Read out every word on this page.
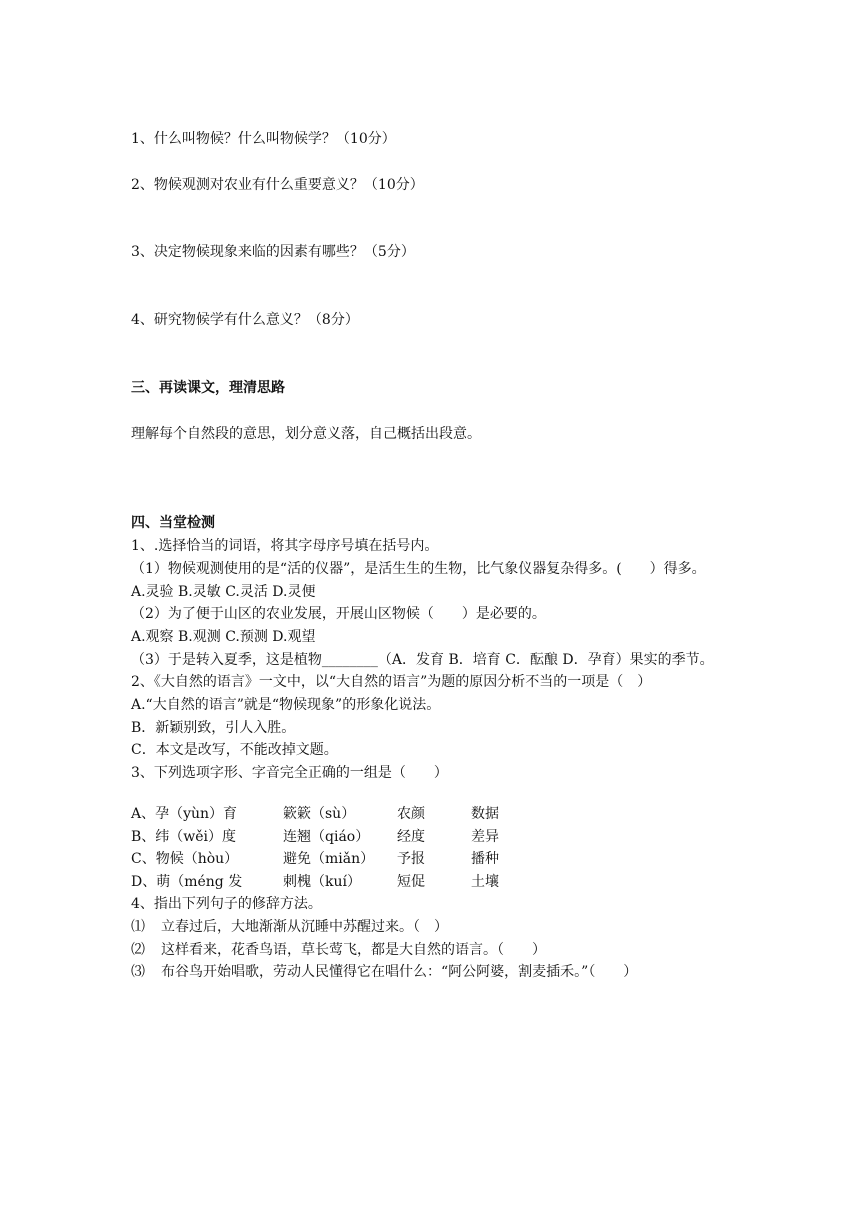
1、什么叫物候？什么叫物候学？（10分）
2、物候观测对农业有什么重要意义？（10分）
3、决定物候现象来临的因素有哪些？（5分）
4、研究物候学有什么意义？（8分）
三、再读课文，理清思路
理解每个自然段的意思，划分意义落，自己概括出段意。
四、当堂检测
1、.选择恰当的词语，将其字母序号填在括号内。
（1）物候观测使用的是“活的仪器”，是活生生的生物，比气象仪器复杂得多。(　　）得多。
A.灵验 B.灵敏 C.灵活 D.灵便
（2）为了便于山区的农业发展，开展山区物候（　　）是必要的。
A.观察 B.观测 C.预测 D.观望
（3）于是转入夏季，这是植物________（A．发育 B．培育 C．酝酿 D．孕育）果实的季节。
2、《大自然的语言》一文中，以“大自然的语言”为题的原因分析不当的一项是（　）
A.“大自然的语言”就是“物候现象”的形象化说法。
B．新颖别致，引人入胜。
C．本文是改写，不能改掉文题。
3、下列选项字形、字音完全正确的一组是（　　）
A、孕（yùn）育	簌簌（sù）	农颜	数据
B、纬（wěi）度	连翘（qiáo） 经度	差异
C、物候（hòu）	避免（miǎn） 予报	播种
D、萌（méng 发	刺槐（kuí）	短促	土壤
4、指出下列句子的修辞方法。
⑴ 立春过后，大地渐渐从沉睡中苏醒过来。（　）
⑵ 这样看来，花香鸟语，草长莺飞，都是大自然的语言。（　　）
⑶ 布谷鸟开始唱歌，劳动人民懂得它在唱什么：“阿公阿婆，割麦插禾。”（　　）
